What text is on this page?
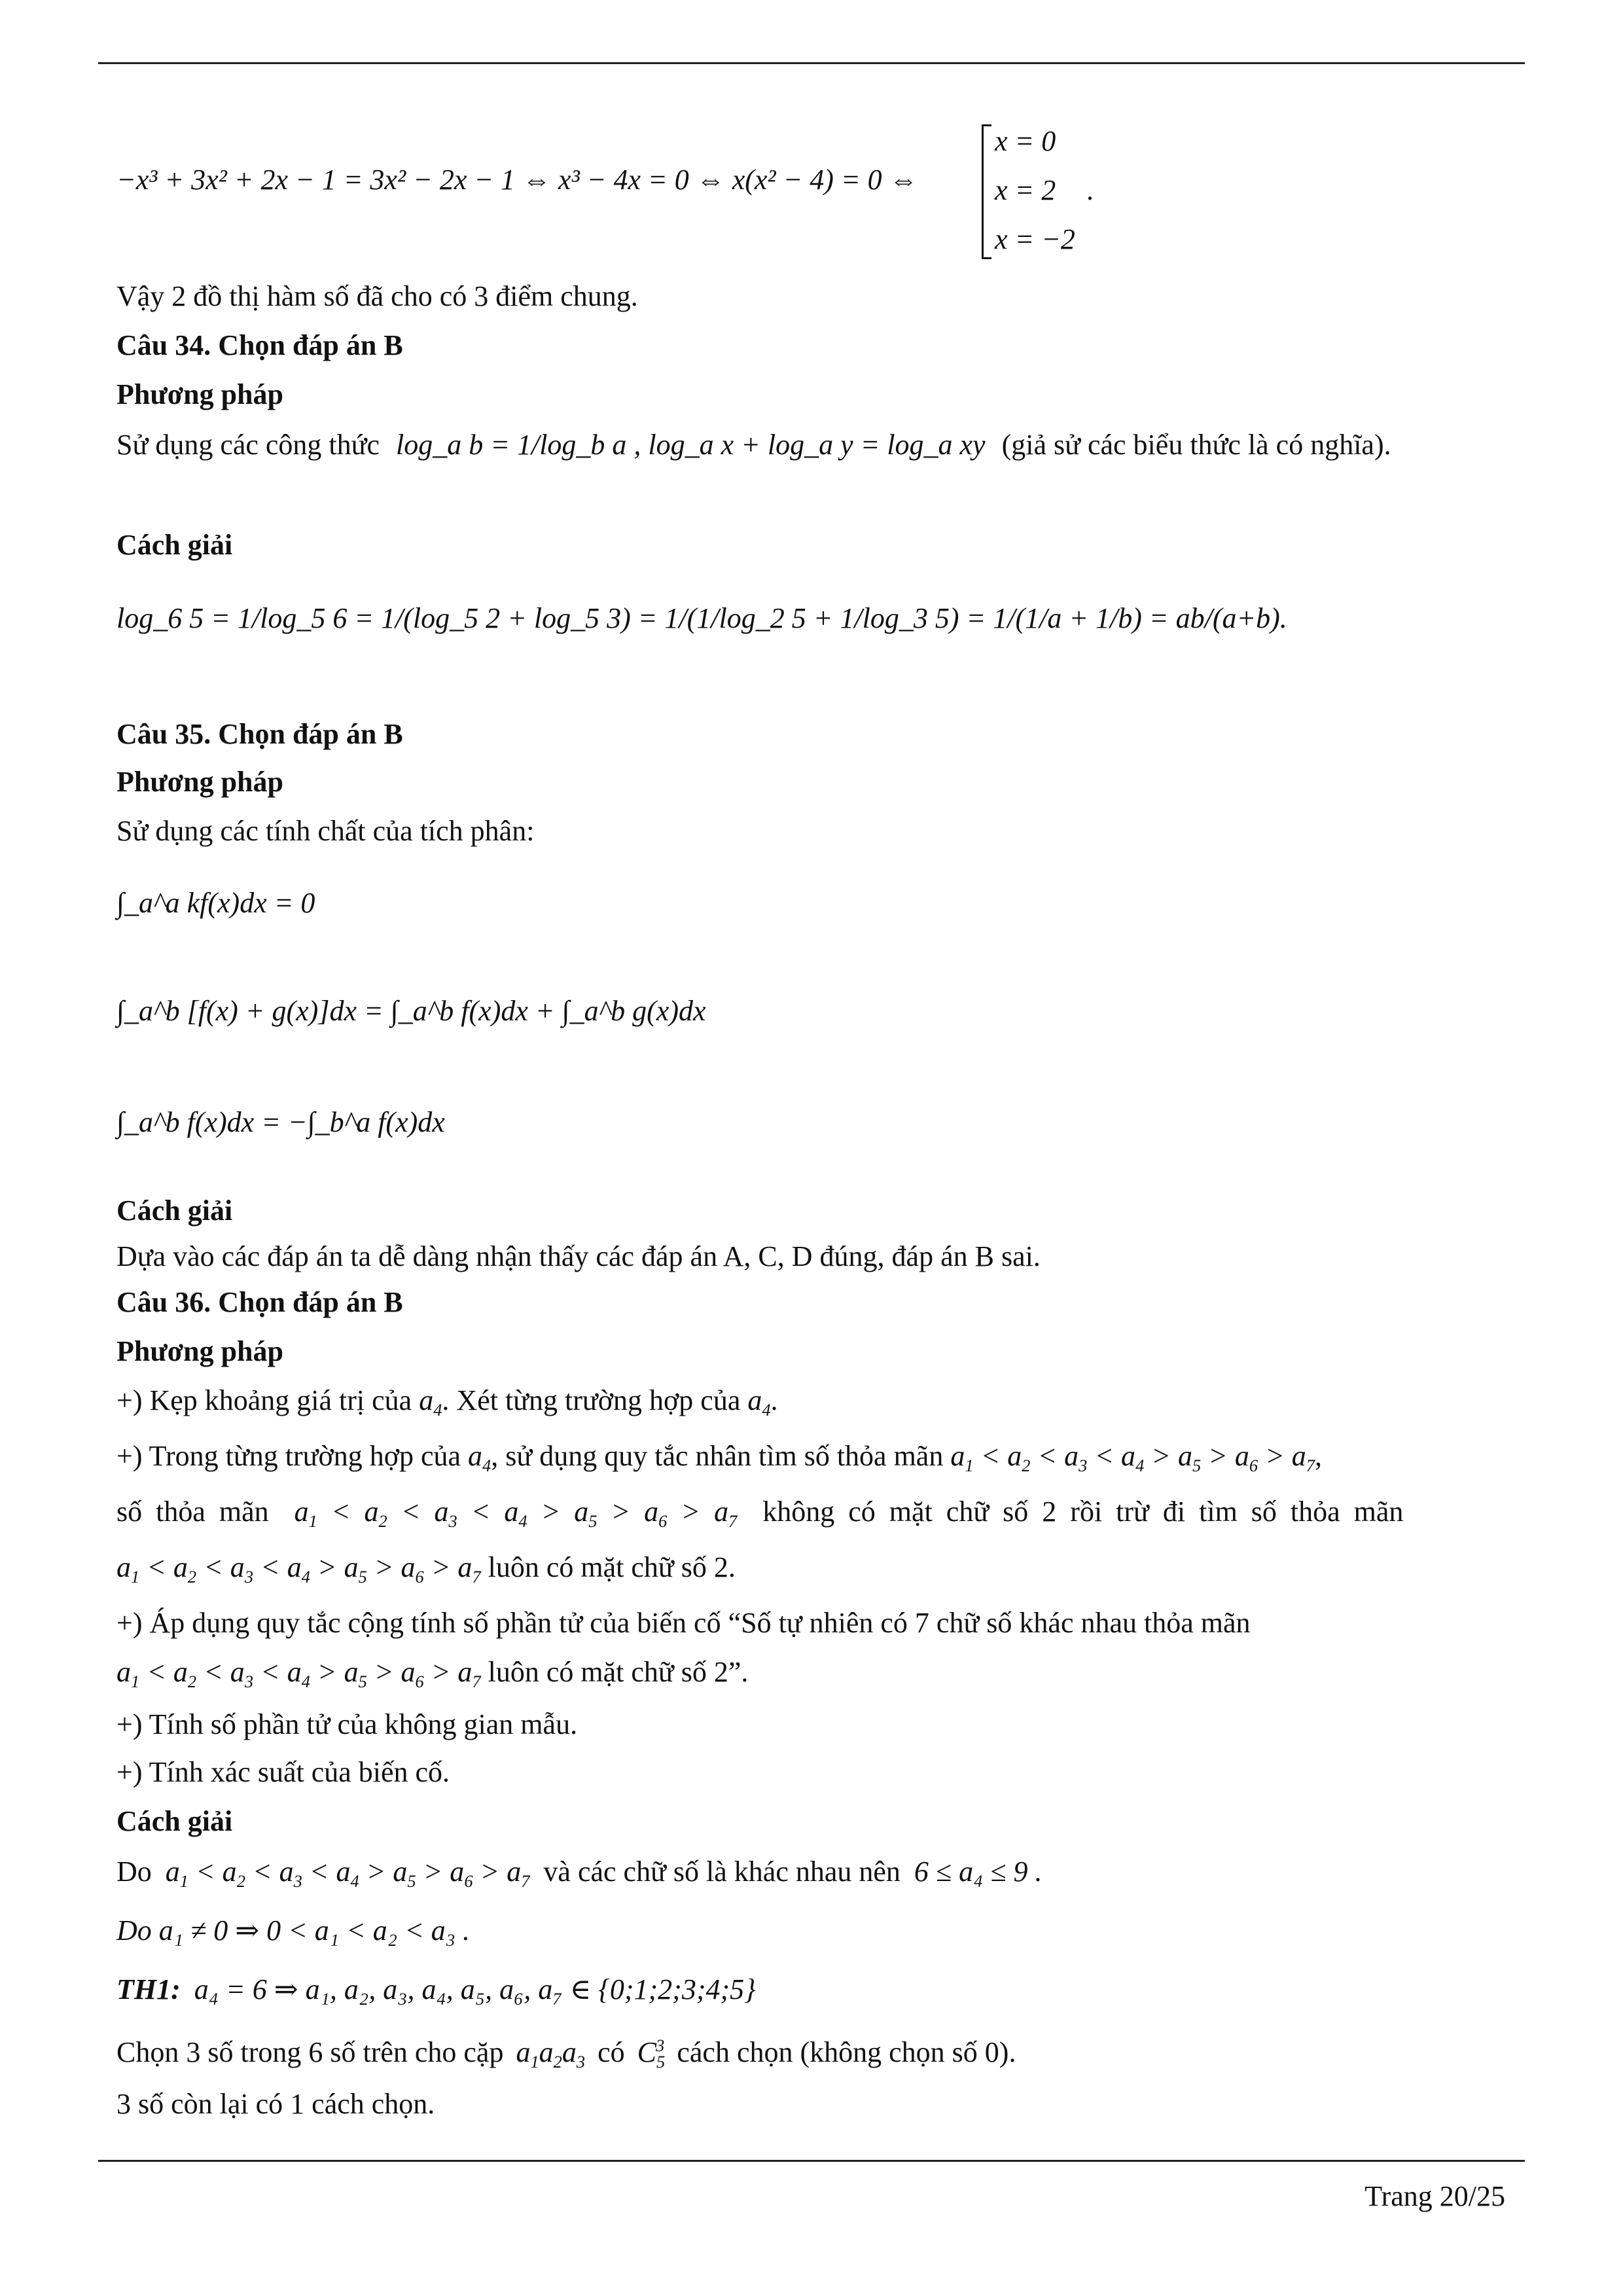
−x³ + 3x² + 2x − 1 = 3x² − 2x − 1 ⇔ x³ − 4x = 0 ⇔ x(x² − 4) = 0 ⇔
x = 0
x = 2
x = −2
.
Vậy 2 đồ thị hàm số đã cho có 3 điểm chung.
Câu 34. Chọn đáp án B
Phương pháp
Sử dụng các công thức log_a b = 1/log_b a , log_a x + log_a y = log_a xy (giả sử các biểu thức là có nghĩa).
Cách giải
log_6 5 = 1/log_5 6 = 1/(log_5 2 + log_5 3) = 1/(1/log_2 5 + 1/log_3 5) = 1/(1/a + 1/b) = ab/(a+b).
Câu 35. Chọn đáp án B
Phương pháp
Sử dụng các tính chất của tích phân:
∫_a^a kf(x)dx = 0
∫_a^b [f(x) + g(x)]dx = ∫_a^b f(x)dx + ∫_a^b g(x)dx
∫_a^b f(x)dx = −∫_b^a f(x)dx
Cách giải
Dựa vào các đáp án ta dễ dàng nhận thấy các đáp án A, C, D đúng, đáp án B sai.
Câu 36. Chọn đáp án B
Phương pháp
+) Kẹp khoảng giá trị của $a_4$. Xét từng trường hợp của $a_4$.
+) Trong từng trường hợp của $a_4$, sử dụng quy tắc nhân tìm số thỏa mãn $a_1 < a_2 < a_3 < a_4 > a_5 > a_6 > a_7$,
số thỏa mãn $a_1 < a_2 < a_3 < a_4 > a_5 > a_6 > a_7$ không có mặt chữ số 2 rồi trừ đi tìm số thỏa mãn
$a_1 < a_2 < a_3 < a_4 > a_5 > a_6 > a_7$ luôn có mặt chữ số 2.
+) Áp dụng quy tắc cộng tính số phần tử của biến cố “Số tự nhiên có 7 chữ số khác nhau thỏa mãn
$a_1 < a_2 < a_3 < a_4 > a_5 > a_6 > a_7$ luôn có mặt chữ số 2”.
+) Tính số phần tử của không gian mẫu.
+) Tính xác suất của biến cố.
Cách giải
Do $a_1 < a_2 < a_3 < a_4 > a_5 > a_6 > a_7$ và các chữ số là khác nhau nên 6 ≤ a₄ ≤ 9 .
Do a₁ ≠ 0 ⇒ 0 < a₁ < a₂ < a₃ .
TH1: a₄ = 6 ⇒ a₁, a₂, a₃, a₄, a₅, a₆, a₇ ∈ {0;1;2;3;4;5}
Chọn 3 số trong 6 số trên cho cặp $a_1a_2a_3$ có $C_5^3$ cách chọn (không chọn số 0).
3 số còn lại có 1 cách chọn.
Trang 20/25
